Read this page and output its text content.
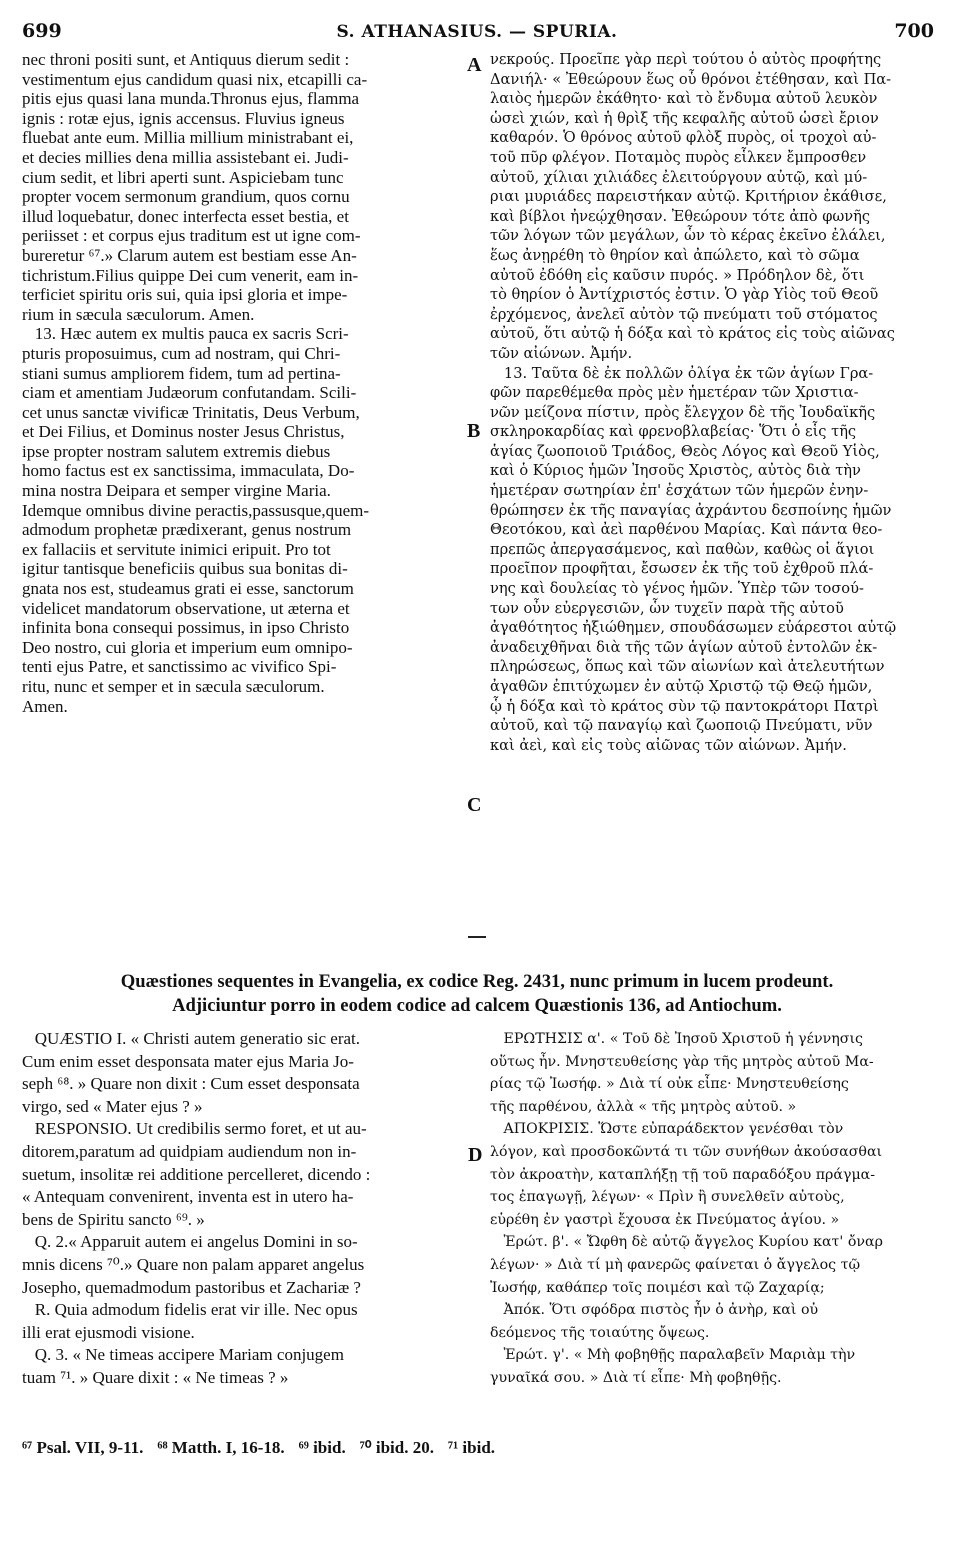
699	S. ATHANASIUS. — SPURIA.	700

nec throni positi sunt, et Antiquus dierum sedit :

vestimentum ejus candidum quasi nix, etcapilli ca-

pitis ejus quasi lana munda.Thronus ejus, flamma

ignis : rotæ ejus, ignis accensus. Fluvius igneus

fluebat ante eum. Millia millium ministrabant ei,

et decies millies dena millia assistebant ei. Judi-

cium sedit, et libri aperti sunt. Aspiciebam tunc

propter vocem sermonum grandium, quos cornu

illud loquebatur, donec interfecta esset bestia, et

periisset : et corpus ejus traditum est ut igne com-

bureretur ⁶⁷.» Clarum autem est bestiam esse An-

tichristum.Filius quippe Dei cum venerit, eam in-

terficiet spiritu oris sui, quia ipsi gloria et impe-

rium in sæcula sæculorum. Amen.

13. Hæc autem ex multis pauca ex sacris Scri-

pturis proposuimus, cum ad nostram, qui Chri-

stiani sumus ampliorem fidem, tum ad pertina-

ciam et amentiam Judæorum confutandam. Scili-

cet unus sanctæ vivificæ Trinitatis, Deus Verbum,

et Dei Filius, et Dominus noster Jesus Christus,

ipse propter nostram salutem extremis diebus

homo factus est ex sanctissima, immaculata, Do-

mina nostra Deipara et semper virgine Maria.

Idemque omnibus divine peractis,passusque,quem-

admodum prophetæ prædixerant, genus nostrum

ex fallaciis et servitute inimici eripuit. Pro tot

igitur tantisque beneficiis quibus sua bonitas di-

gnata nos est, studeamus grati ei esse, sanctorum

videlicet mandatorum observatione, ut æterna et

infinita bona consequi possimus, in ipso Christo

Deo nostro, cui gloria et imperium eum omnipo-

tenti ejus Patre, et sanctissimo ac vivifico Spi-

ritu, nunc et semper et in sæcula sæculorum.

Amen.

νεκρούς. Προεῖπε γὰρ περὶ τούτου ὁ αὐτὸς προφήτης

Δανιήλ· « Ἐθεώρουν ἕως οὗ θρόνοι ἐτέθησαν, καὶ Πα-

λαιὸς ἡμερῶν ἐκάθητο· καὶ τὸ ἔνδυμα αὐτοῦ λευκὸν

ὡσεὶ χιών, καὶ ἡ θρὶξ τῆς κεφαλῆς αὐτοῦ ὡσεὶ ἔριον

καθαρόν. Ὁ θρόνος αὐτοῦ φλὸξ πυρὸς, οἱ τροχοὶ αὐ-

τοῦ πῦρ φλέγον. Ποταμὸς πυρὸς εἷλκεν ἔμπροσθεν

αὐτοῦ, χίλιαι χιλιάδες ἐλειτούργουν αὐτῷ, καὶ μύ-

ριαι μυριάδες παρειστήκαν αὐτῷ. Κριτήριον ἐκάθισε,

καὶ βίβλοι ἠνεῴχθησαν. Ἐθεώρουν τότε ἀπὸ φωνῆς

τῶν λόγων τῶν μεγάλων, ὧν τὸ κέρας ἐκεῖνο ἐλάλει,

ἕως ἀνῃρέθη τὸ θηρίον καὶ ἀπώλετο, καὶ τὸ σῶμα

αὐτοῦ ἐδόθη εἰς καῦσιν πυρός. » Πρόδηλον δὲ, ὅτι

τὸ θηρίον ὁ Ἀντίχριστός ἐστιν. Ὁ γὰρ Υἱὸς τοῦ Θεοῦ

ἐρχόμενος, ἀνελεῖ αὐτὸν τῷ πνεύματι τοῦ στόματος

αὐτοῦ, ὅτι αὐτῷ ἡ δόξα καὶ τὸ κράτος εἰς τοὺς αἰῶνας

τῶν αἰώνων. Ἀμήν.

13. Ταῦτα δὲ ἐκ πολλῶν ὀλίγα ἐκ τῶν ἁγίων Γρα-

φῶν παρεθέμεθα πρὸς μὲν ἡμετέραν τῶν Χριστια-

νῶν μείζονα πίστιν, πρὸς ἔλεγχον δὲ τῆς Ἰουδαϊκῆς

σκληροκαρδίας καὶ φρενοβλαβείας· Ὅτι ὁ εἷς τῆς

ἁγίας ζωοποιοῦ Τριάδος, Θεὸς Λόγος καὶ Θεοῦ Υἱὸς,

καὶ ὁ Κύριος ἡμῶν Ἰησοῦς Χριστὸς, αὐτὸς διὰ τὴν

ἡμετέραν σωτηρίαν ἐπ' ἐσχάτων τῶν ἡμερῶν ἐνην-

θρώπησεν ἐκ τῆς παναγίας ἀχράντου δεσποίνης ἡμῶν

Θεοτόκου, καὶ ἀεὶ παρθένου Μαρίας. Καὶ πάντα θεο-

πρεπῶς ἀπεργασάμενος, καὶ παθὼν, καθὼς οἱ ἅγιοι

προεῖπον προφῆται, ἔσωσεν ἐκ τῆς τοῦ ἐχθροῦ πλά-

νης καὶ δουλείας τὸ γένος ἡμῶν. Ὑπὲρ τῶν τοσού-

των οὖν εὐεργεσιῶν, ὧν τυχεῖν παρὰ τῆς αὐτοῦ

ἀγαθότητος ἠξιώθημεν, σπουδάσωμεν εὐάρεστοι αὐτῷ

ἀναδειχθῆναι διὰ τῆς τῶν ἁγίων αὐτοῦ ἐντολῶν ἐκ-

πληρώσεως, ὅπως καὶ τῶν αἰωνίων καὶ ἀτελευτήτων

ἀγαθῶν ἐπιτύχωμεν ἐν αὐτῷ Χριστῷ τῷ Θεῷ ἡμῶν,

ᾧ ἡ δόξα καὶ τὸ κράτος σὺν τῷ παντοκράτορι Πατρὶ

αὐτοῦ, καὶ τῷ παναγίῳ καὶ ζωοποιῷ Πνεύματι, νῦν

καὶ ἀεὶ, καὶ εἰς τοὺς αἰῶνας τῶν αἰώνων. Ἀμήν.

A
B
C
Quæstiones sequentes in Evangelia, ex codice Reg. 2431, nunc primum in lucem prodeunt.
Adjiciuntur porro in eodem codice ad calcem Quæstionis 136, ad Antiochum.

QUÆSTIO I. « Christi autem generatio sic erat.

Cum enim esset desponsata mater ejus Maria Jo-

seph ⁶⁸. » Quare non dixit : Cum esset desponsata

virgo, sed « Mater ejus ? »

RESPONSIO. Ut credibilis sermo foret, et ut au-

ditorem,paratum ad quidpiam audiendum non in-

suetum, insolitæ rei additione percelleret, dicendo :

« Antequam convenirent, inventa est in utero ha-

bens de Spiritu sancto ⁶⁹. »

Q. 2.« Apparuit autem ei angelus Domini in so-

mnis dicens ⁷⁰.» Quare non palam apparet angelus

Josepho, quemadmodum pastoribus et Zachariæ ?

R. Quia admodum fidelis erat vir ille. Nec opus

illi erat ejusmodi visione.

Q. 3. « Ne timeas accipere Mariam conjugem

tuam ⁷¹. » Quare dixit : « Ne timeas ? »

ΕΡΩΤΗΣΙΣ α'. « Τοῦ δὲ Ἰησοῦ Χριστοῦ ἡ γέννησις

οὕτως ἦν. Μνηστευθείσης γὰρ τῆς μητρὸς αὐτοῦ Μα-

ρίας τῷ Ἰωσήφ. » Διὰ τί οὐκ εἶπε· Μνηστευθείσης

τῆς παρθένου, ἀλλὰ « τῆς μητρὸς αὐτοῦ. »

ΑΠΟΚΡΙΣΙΣ. Ὥστε εὐπαράδεκτον γενέσθαι τὸν

λόγον, καὶ προσδοκῶντά τι τῶν συνήθων ἀκούσασθαι

τὸν ἀκροατὴν, καταπλήξῃ τῇ τοῦ παραδόξου πράγμα-

τος ἐπαγωγῇ, λέγων· « Πρὶν ἢ συνελθεῖν αὐτοὺς,

εὑρέθη ἐν γαστρὶ ἔχουσα ἐκ Πνεύματος ἁγίου. »

Ἐρώτ. β'. « Ὤφθη δὲ αὐτῷ ἄγγελος Κυρίου κατ' ὄναρ

λέγων· » Διὰ τί μὴ φανερῶς φαίνεται ὁ ἄγγελος τῷ

Ἰωσήφ, καθάπερ τοῖς ποιμέσι καὶ τῷ Ζαχαρίᾳ;

Ἀπόκ. Ὅτι σφόδρα πιστὸς ἦν ὁ ἀνὴρ, καὶ οὐ

δεόμενος τῆς τοιαύτης ὄψεως.

Ἐρώτ. γ'. « Μὴ φοβηθῇς παραλαβεῖν Μαριὰμ τὴν

γυναῖκά σου. » Διὰ τί εἶπε· Μὴ φοβηθῇς.

D
⁶⁷ Psal. VII, 9-11. ⁶⁸ Matth. I, 16-18. ⁶⁹ ibid. ⁷⁰ ibid. 20. ⁷¹ ibid.
